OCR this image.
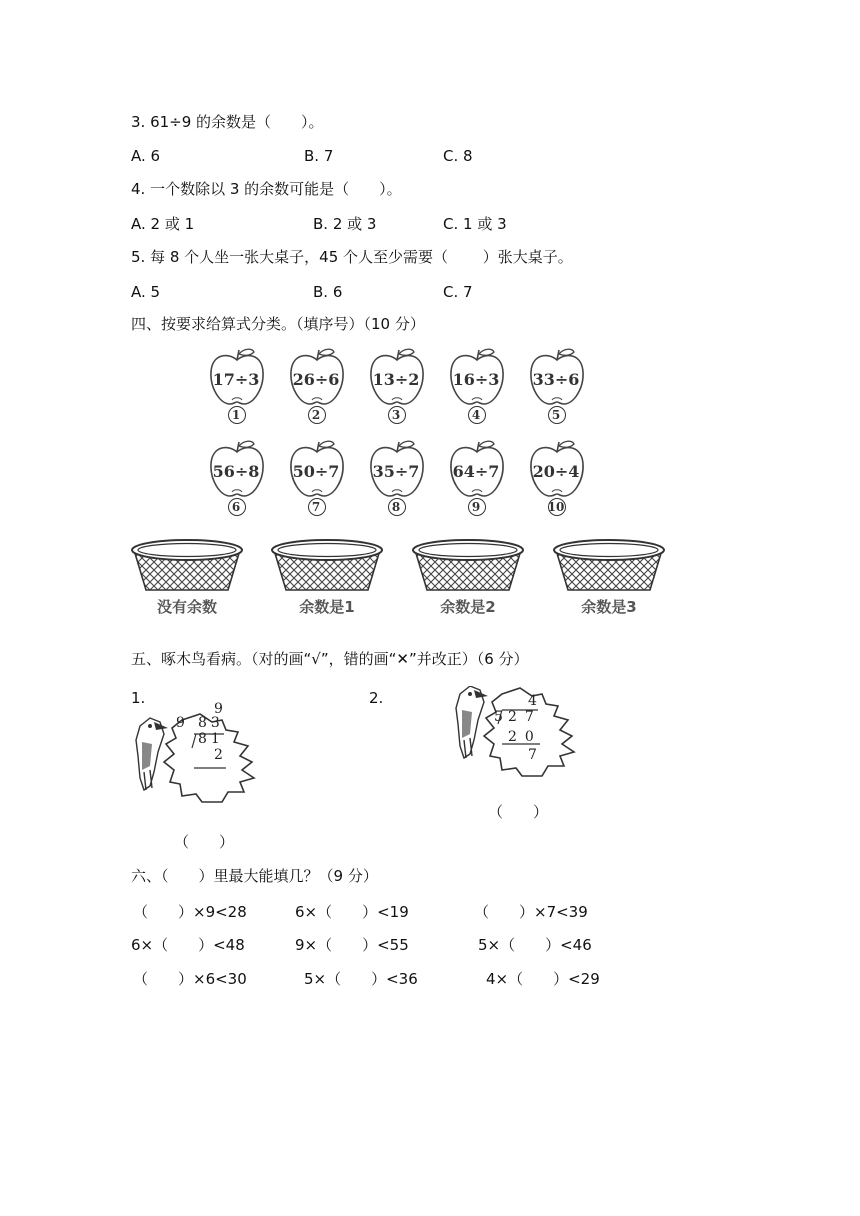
3. 61÷9 的余数是（　　）。
A. 6	B. 7	C. 8
4. 一个数除以 3 的余数可能是（　　）。
A. 2 或 1	B. 2 或 3	C. 1 或 3
5. 每 8 个人坐一张大桌子，45 个人至少需要（　　 ）张大桌子。
A. 5	B. 6	C. 7
四、按要求给算式分类。（填序号）（10 分）
17÷3
1
26÷6
2
13÷2
3
16÷3
4
33÷6
5
56÷8
6
50÷7
7
35÷7
8
64÷7
9
20÷4
10
没有余数	余数是1	余数是2	余数是3
五、啄木鸟看病。（对的画“√”，错的画“✕”并改正）（6 分）
1.	2.
9
9 83
81
2
（　　）
4
5 27
20
7
（　　）
六、（　　）里最大能填几？（9 分）
（　　）×9<28	6×（　　）<19	（　　）×7<39
6×（　　）<48	9×（　　）<55	5×（　　）<46
（　　）×6<30	5×（　　）<36	4×（　　）<29
